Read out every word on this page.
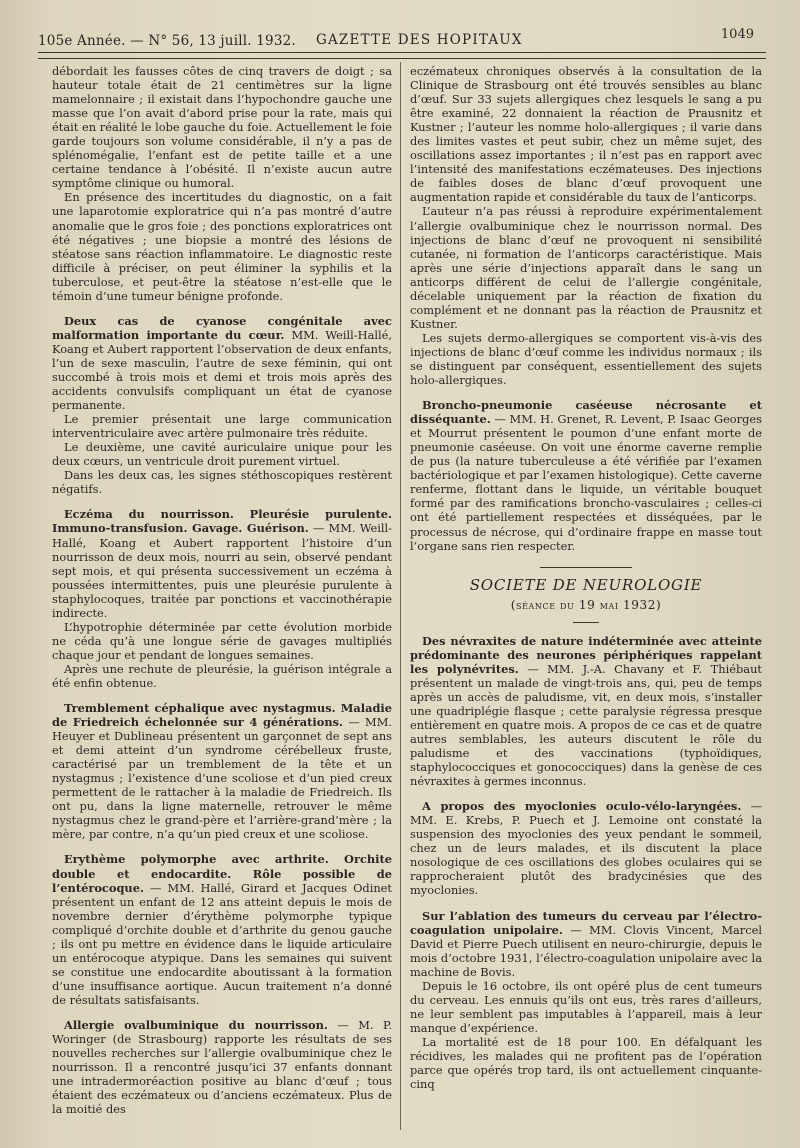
105e Année. — N° 56, 13 juill. 1932. GAZETTE DES HOPITAUX	1049

débordait les fausses côtes de cinq travers de doigt ; sa hauteur totale était de 21 centimètres sur la ligne mamelonnaire ; il existait dans l’hypochondre gauche une masse que l’on avait d’abord prise pour la rate, mais qui était en réalité le lobe gauche du foie. Actuellement le foie garde toujours son volume considérable, il n’y a pas de splénomégalie, l’enfant est de petite taille et a une certaine tendance à l’obésité. Il n’existe aucun autre symptôme clinique ou humoral.

En présence des incertitudes du diagnostic, on a fait une laparotomie exploratrice qui n’a pas montré d’autre anomalie que le gros foie ; des ponctions exploratrices ont été négatives ; une biopsie a montré des lésions de stéatose sans réaction inflammatoire. Le diagnostic reste difficile à préciser, on peut éliminer la syphilis et la tuberculose, et peut-être la stéatose n’est-elle que le témoin d’une tumeur bénigne profonde.

Deux cas de cyanose congénitale avec malformation importante du cœur. MM. Weill-Hallé, Koang et Aubert rapportent l’observation de deux enfants, l’un de sexe masculin, l’autre de sexe féminin, qui ont succombé à trois mois et demi et trois mois après des accidents convulsifs compliquant un état de cyanose permanente.

Le premier présentait une large communication interventriculaire avec artère pulmonaire très réduite.

Le deuxième, une cavité auriculaire unique pour les deux cœurs, un ventricule droit purement virtuel.

Dans les deux cas, les signes stéthoscopiques restèrent négatifs.

Eczéma du nourrisson. Pleurésie purulente. Immuno-transfusion. Gavage. Guérison. — MM. Weill-Hallé, Koang et Aubert rapportent l’histoire d’un nourrisson de deux mois, nourri au sein, observé pendant sept mois, et qui présenta successivement un eczéma à poussées intermittentes, puis une pleurésie purulente à staphylocoques, traitée par ponctions et vaccinothérapie indirecte.

L’hypotrophie déterminée par cette évolution morbide ne céda qu’à une longue série de gavages multipliés chaque jour et pendant de longues semaines.

Après une rechute de pleurésie, la guérison intégrale a été enfin obtenue.

Tremblement céphalique avec nystagmus. Maladie de Friedreich échelonnée sur 4 générations. — MM. Heuyer et Dublineau présentent un garçonnet de sept ans et demi atteint d’un syndrome cérébelleux fruste, caractérisé par un tremblement de la tête et un nystagmus ; l’existence d’une scoliose et d’un pied creux permettent de le rattacher à la maladie de Friedreich. Ils ont pu, dans la ligne maternelle, retrouver le même nystagmus chez le grand-père et l’arrière-grand’mère ; la mère, par contre, n’a qu’un pied creux et une scoliose.

Erythème polymorphe avec arthrite. Orchite double et endocardite. Rôle possible de l’entérocoque. — MM. Hallé, Girard et Jacques Odinet présentent un enfant de 12 ans atteint depuis le mois de novembre dernier d’érythème polymorphe typique compliqué d’orchite double et d’arthrite du genou gauche ; ils ont pu mettre en évidence dans le liquide articulaire un entérocoque atypique. Dans les semaines qui suivent se constitue une endocardite aboutissant à la formation d’une insuffisance aortique. Aucun traitement n’a donné de résultats satisfaisants.

Allergie ovalbuminique du nourrisson. — M. P. Woringer (de Strasbourg) rapporte les résultats de ses nouvelles recherches sur l’allergie ovalbuminique chez le nourrisson. Il a rencontré jusqu’ici 37 enfants donnant une intradermoréaction positive au blanc d’œuf ; tous étaient des eczémateux ou d’anciens eczémateux. Plus de la moitié des

eczémateux chroniques observés à la consultation de la Clinique de Strasbourg ont été trouvés sensibles au blanc d’œuf. Sur 33 sujets allergiques chez lesquels le sang a pu être examiné, 22 donnaient la réaction de Prausnitz et Kustner ; l’auteur les nomme holo-allergiques ; il varie dans des limites vastes et peut subir, chez un même sujet, des oscillations assez importantes ; il n’est pas en rapport avec l’intensité des manifestations eczémateuses. Des injections de faibles doses de blanc d’œuf provoquent une augmentation rapide et considérable du taux de l’anticorps.

L’auteur n’a pas réussi à reproduire expérimentalement l’allergie ovalbuminique chez le nourrisson normal. Des injections de blanc d’œuf ne provoquent ni sensibilité cutanée, ni formation de l’anticorps caractéristique. Mais après une série d’injections apparaît dans le sang un anticorps différent de celui de l’allergie congénitale, décelable uniquement par la réaction de fixation du complément et ne donnant pas la réaction de Prausnitz et Kustner.

Les sujets dermo-allergiques se comportent vis-à-vis des injections de blanc d’œuf comme les individus normaux ; ils se distinguent par conséquent, essentiellement des sujets holo-allergiques.

Broncho-pneumonie caséeuse nécrosante et disséquante. — MM. H. Grenet, R. Levent, P. Isaac Georges et Mourrut présentent le poumon d’une enfant morte de pneumonie caséeuse. On voit une énorme caverne remplie de pus (la nature tuberculeuse a été vérifiée par l’examen bactériologique et par l’examen histologique). Cette caverne renferme, flottant dans le liquide, un véritable bouquet formé par des ramifications broncho-vasculaires ; celles-ci ont été partiellement respectées et disséquées, par le processus de nécrose, qui d’ordinaire frappe en masse tout l’organe sans rien respecter.

SOCIETE DE NEUROLOGIE
(séance du 19 mai 1932)

Des névraxites de nature indéterminée avec atteinte prédominante des neurones périphériques rappelant les polynévrites. — MM. J.-A. Chavany et F. Thiébaut présentent un malade de vingt-trois ans, qui, peu de temps après un accès de paludisme, vit, en deux mois, s’installer une quadriplégie flasque ; cette paralysie régressa presque entièrement en quatre mois. A propos de ce cas et de quatre autres semblables, les auteurs discutent le rôle du paludisme et des vaccinations (typhoïdiques, staphylococciques et gonococciques) dans la genèse de ces névraxites à germes inconnus.

A propos des myoclonies oculo-vélo-laryngées. — MM. E. Krebs, P. Puech et J. Lemoine ont constaté la suspension des myoclonies des yeux pendant le sommeil, chez un de leurs malades, et ils discutent la place nosologique de ces oscillations des globes oculaires qui se rapprocheraient plutôt des bradycinésies que des myoclonies.

Sur l’ablation des tumeurs du cerveau par l’électro-coagulation unipolaire. — MM. Clovis Vincent, Marcel David et Pierre Puech utilisent en neuro-chirurgie, depuis le mois d’octobre 1931, l’électro-coagulation unipolaire avec la machine de Bovis.

Depuis le 16 octobre, ils ont opéré plus de cent tumeurs du cerveau. Les ennuis qu’ils ont eus, très rares d’ailleurs, ne leur semblent pas imputables à l’appareil, mais à leur manque d’expérience.

La mortalité est de 18 pour 100. En défalquant les récidives, les malades qui ne profitent pas de l’opération parce que opérés trop tard, ils ont actuellement cinquante-cinq
